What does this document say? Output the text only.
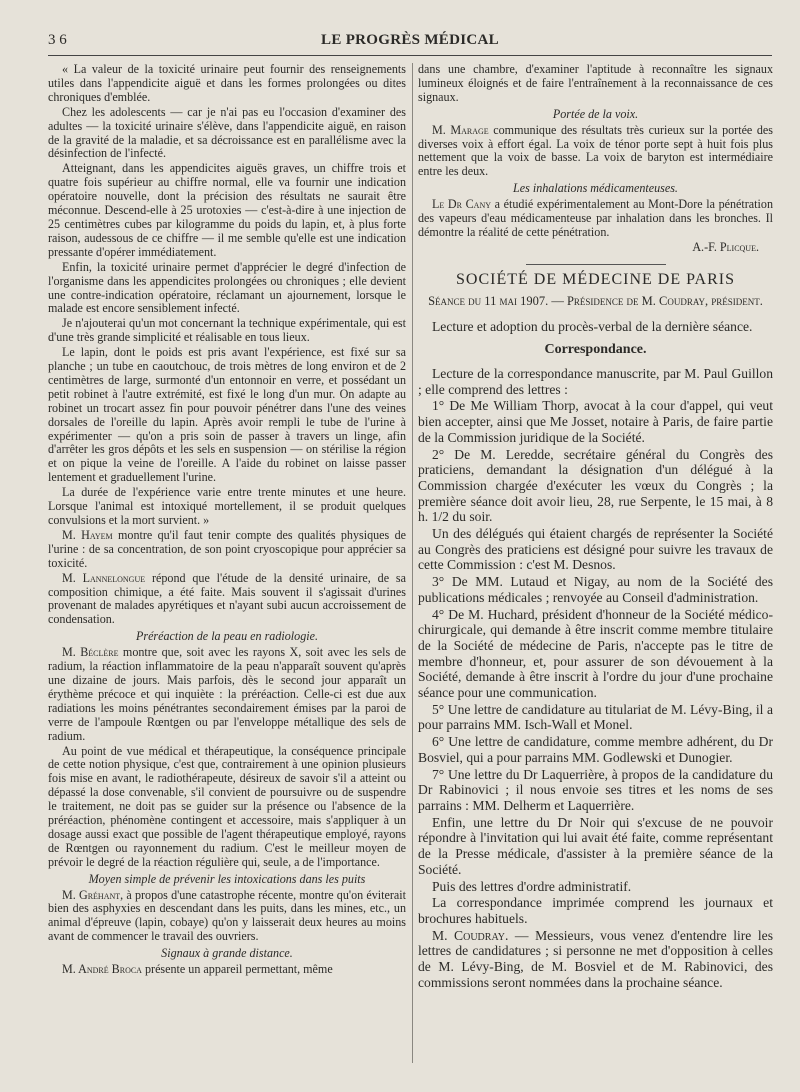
3 6	LE PROGRÈS MÉDICAL

« La valeur de la toxicité urinaire peut fournir des renseignements utiles dans l'appendicite aiguë et dans les formes prolongées ou dites chroniques d'emblée.

Chez les adolescents — car je n'ai pas eu l'occasion d'examiner des adultes — la toxicité urinaire s'élève, dans l'appendicite aiguë, en raison de la gravité de la maladie, et sa décroissance est en parallélisme avec la désinfection de l'infecté.

Atteignant, dans les appendicites aiguës graves, un chiffre trois et quatre fois supérieur au chiffre normal, elle va fournir une indication opératoire nouvelle, dont la précision des résultats ne saurait être méconnue. Descend-elle à 25 urotoxies — c'est-à-dire à une injection de 25 centimètres cubes par kilogramme du poids du lapin, et, à plus forte raison, audessous de ce chiffre — il me semble qu'elle est une indication pressante d'opérer immédiatement.

Enfin, la toxicité urinaire permet d'apprécier le degré d'infection de l'organisme dans les appendicites prolongées ou chroniques ; elle devient une contre-indication opératoire, réclamant un ajournement, lorsque le malade est encore sensiblement infecté.

Je n'ajouterai qu'un mot concernant la technique expérimentale, qui est d'une très grande simplicité et réalisable en tous lieux.

Le lapin, dont le poids est pris avant l'expérience, est fixé sur sa planche ; un tube en caoutchouc, de trois mètres de long environ et de 2 centimètres de large, surmonté d'un entonnoir en verre, et possédant un petit robinet à l'autre extrémité, est fixé le long d'un mur. On adapte au robinet un trocart assez fin pour pouvoir pénétrer dans l'une des veines dorsales de l'oreille du lapin. Après avoir rempli le tube de l'urine à expérimenter — qu'on a pris soin de passer à travers un linge, afin d'arrêter les gros dépôts et les sels en suspension — on stérilise la région et on pique la veine de l'oreille. A l'aide du robinet on laisse passer lentement et graduellement l'urine.

La durée de l'expérience varie entre trente minutes et une heure. Lorsque l'animal est intoxiqué mortellement, il se produit quelques convulsions et la mort survient. »

M. Hayem montre qu'il faut tenir compte des qualités physiques de l'urine : de sa concentration, de son point cryoscopique pour apprécier sa toxicité.

M. Lannelongue répond que l'étude de la densité urinaire, de sa composition chimique, a été faite. Mais souvent il s'agissait d'urines provenant de malades apyrétiques et n'ayant subi aucun accroissement de condensation.

Préréaction de la peau en radiologie.

M. Béclère montre que, soit avec les rayons X, soit avec les sels de radium, la réaction inflammatoire de la peau n'apparaît souvent qu'après une dizaine de jours. Mais parfois, dès le second jour apparaît un érythème précoce et qui inquiète : la préréaction. Celle-ci est due aux radiations les moins pénétrantes secondairement émises par la paroi de verre de l'ampoule Rœntgen ou par l'enveloppe métallique des sels de radium.

Au point de vue médical et thérapeutique, la conséquence principale de cette notion physique, c'est que, contrairement à une opinion plusieurs fois mise en avant, le radiothérapeute, désireux de savoir s'il a atteint ou dépassé la dose convenable, s'il convient de poursuivre ou de suspendre le traitement, ne doit pas se guider sur la présence ou l'absence de la préréaction, phénomène contingent et accessoire, mais s'appliquer à un dosage aussi exact que possible de l'agent thérapeutique employé, rayons de Rœntgen ou rayonnement du radium. C'est le meilleur moyen de prévoir le degré de la réaction régulière qui, seule, a de l'importance.

Moyen simple de prévenir les intoxications dans les puits

M. Gréhant, à propos d'une catastrophe récente, montre qu'on éviterait bien des asphyxies en descendant dans les puits, dans les mines, etc., un animal d'épreuve (lapin, cobaye) qu'on y laisserait deux heures au moins avant de commencer le travail des ouvriers.

Signaux à grande distance.

M. André Broca présente un appareil permettant, même

dans une chambre, d'examiner l'aptitude à reconnaître les signaux lumineux éloignés et de faire l'entraînement à la reconnaissance de ces signaux.

Portée de la voix.

M. Marage communique des résultats très curieux sur la portée des diverses voix à effort égal. La voix de ténor porte sept à huit fois plus nettement que la voix de basse. La voix de baryton est intermédiaire entre les deux.

Les inhalations médicamenteuses.

Le Dr Cany a étudié expérimentalement au Mont-Dore la pénétration des vapeurs d'eau médicamenteuse par inhalation dans les bronches. Il démontre la réalité de cette pénétration.

A.-F. Plicque.
SOCIÉTÉ DE MÉDECINE DE PARIS
Séance du 11 mai 1907. — Présidence de M. Coudray, président.

Lecture et adoption du procès-verbal de la dernière séance.

Correspondance.

Lecture de la correspondance manuscrite, par M. Paul Guillon ; elle comprend des lettres :

1° De Me William Thorp, avocat à la cour d'appel, qui veut bien accepter, ainsi que Me Josset, notaire à Paris, de faire partie de la Commission juridique de la Société.

2° De M. Leredde, secrétaire général du Congrès des praticiens, demandant la désignation d'un délégué à la Commission chargée d'exécuter les vœux du Congrès ; la première séance doit avoir lieu, 28, rue Serpente, le 15 mai, à 8 h. 1/2 du soir.

Un des délégués qui étaient chargés de représenter la Société au Congrès des praticiens est désigné pour suivre les travaux de cette Commission : c'est M. Desnos.

3° De MM. Lutaud et Nigay, au nom de la Société des publications médicales ; renvoyée au Conseil d'administration.

4° De M. Huchard, président d'honneur de la Société médico-chirurgicale, qui demande à être inscrit comme membre titulaire de la Société de médecine de Paris, n'accepte pas le titre de membre d'honneur, et, pour assurer de son dévouement à la Société, demande à être inscrit à l'ordre du jour d'une prochaine séance pour une communication.

5° Une lettre de candidature au titulariat de M. Lévy-Bing, il a pour parrains MM. Isch-Wall et Monel.

6° Une lettre de candidature, comme membre adhérent, du Dr Bosviel, qui a pour parrains MM. Godlewski et Dunogier.

7° Une lettre du Dr Laquerrière, à propos de la candidature du Dr Rabinovici ; il nous envoie ses titres et les noms de ses parrains : MM. Delherm et Laquerrière.

Enfin, une lettre du Dr Noir qui s'excuse de ne pouvoir répondre à l'invitation qui lui avait été faite, comme représentant de la Presse médicale, d'assister à la première séance de la Société.

Puis des lettres d'ordre administratif.

La correspondance imprimée comprend les journaux et brochures habituels.

M. Coudray. — Messieurs, vous venez d'entendre lire les lettres de candidatures ; si personne ne met d'opposition à celles de M. Lévy-Bing, de M. Bosviel et de M. Rabinovici, des commissions seront nommées dans la prochaine séance.
